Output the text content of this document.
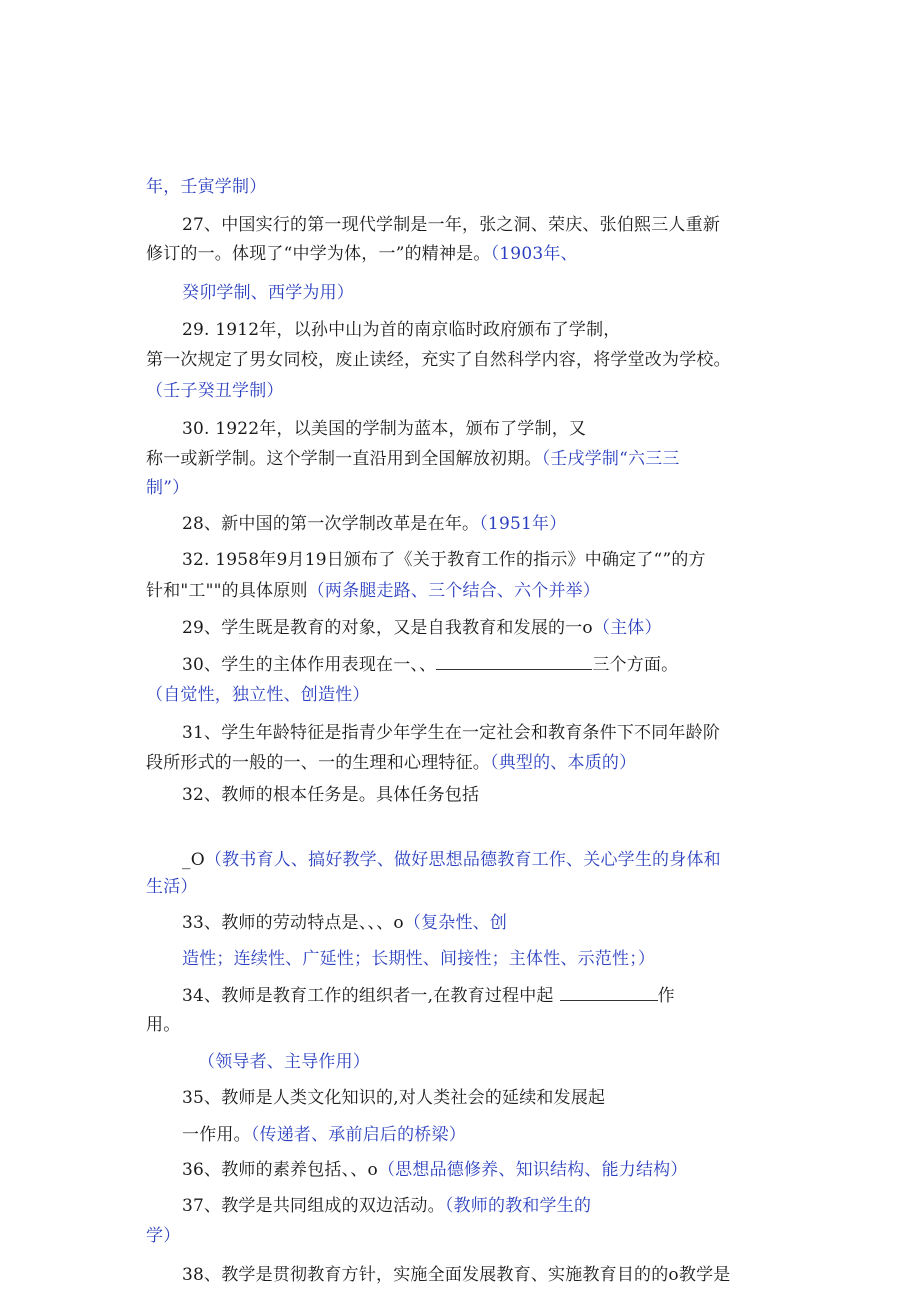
年，壬寅学制）
27、中国实行的第一现代学制是一年，张之洞、荣庆、张伯熙三人重新
修订的一。体现了“中学为体，一”的精神是。（1903年、
癸卯学制、西学为用）
29. 1912年，以孙中山为首的南京临时政府颁布了学制，
第一次规定了男女同校，废止读经，充实了自然科学内容，将学堂改为学校。
（壬子癸丑学制）
30. 1922年，以美国的学制为蓝本，颁布了学制，又
称一或新学制。这个学制一直沿用到全国解放初期。（壬戌学制“六三三
制”）
28、新中国的第一次学制改革是在年。（1951年）
32. 1958年9月19日颁布了《关于教育工作的指示》中确定了“”的方
针和"工""的具体原则（两条腿走路、三个结合、六个并举）
29、学生既是教育的对象，又是自我教育和发展的一o（主体）
30、学生的主体作用表现在一、、	三个方面。
（自觉性，独立性、创造性）
31、学生年龄特征是指青少年学生在一定社会和教育条件下不同年龄阶
段所形式的一般的一、一的生理和心理特征。（典型的、本质的）
32、教师的根本任务是。具体任务包括
_O（教书育人、搞好教学、做好思想品德教育工作、关心学生的身体和
生活）
33、教师的劳动特点是、、、o（复杂性、创
造性；连续性、广延性；长期性、间接性；主体性、示范性；）
34、教师是教育工作的组织者一,在教育过程中起	作
用。
（领导者、主导作用）
35、教师是人类文化知识的,对人类社会的延续和发展起
一作用。（传递者、承前启后的桥梁）
36、教师的素养包括、、o（思想品德修养、知识结构、能力结构）
37、教学是共同组成的双边活动。（教师的教和学生的
学）
38、教学是贯彻教育方针，实施全面发展教育、实施教育目的的o教学是
